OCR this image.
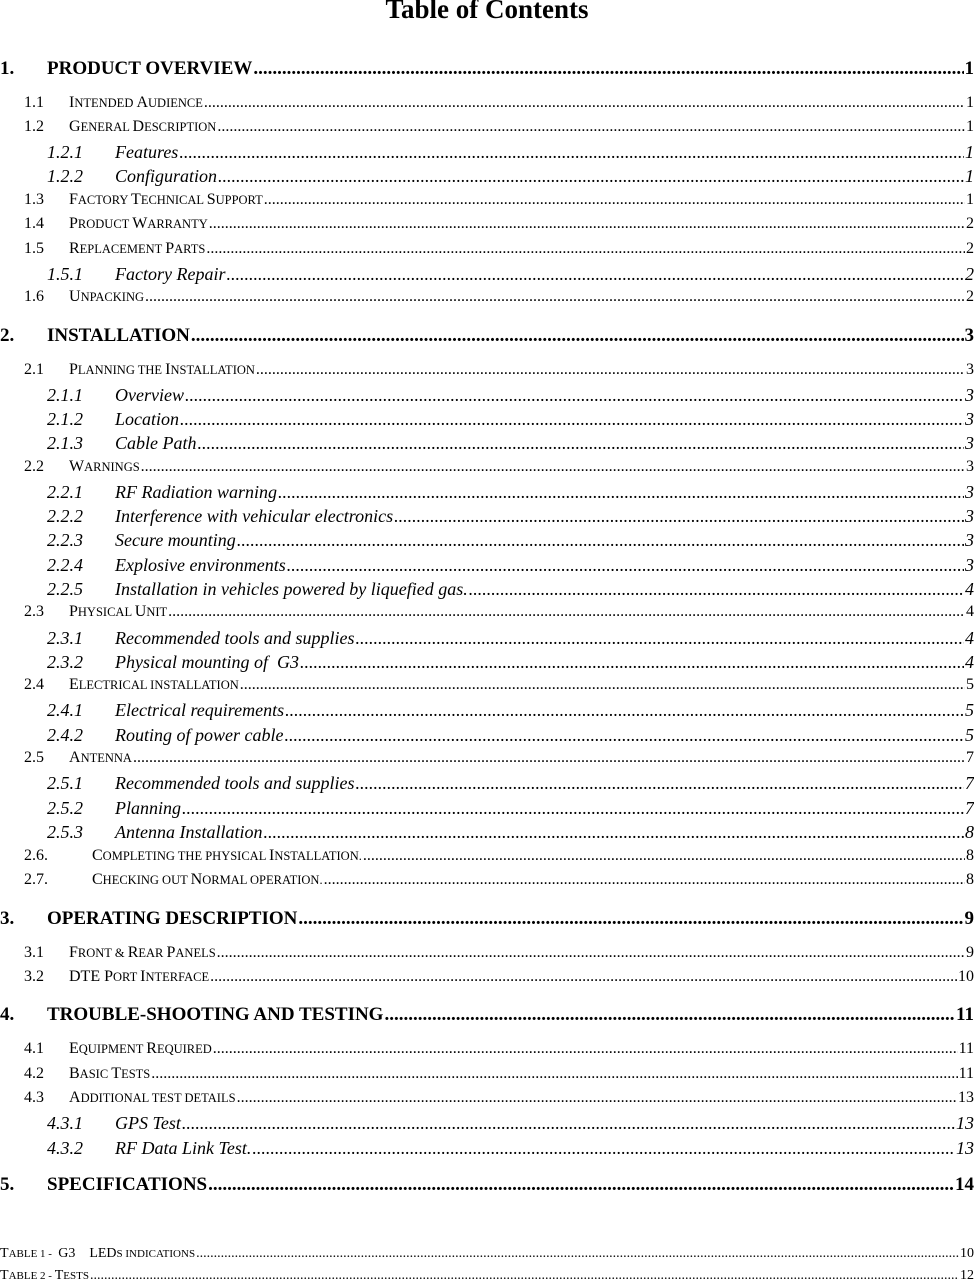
Table of Contents
1.	PRODUCT OVERVIEW .....	1
1.1	INTENDED AUDIENCE .....	1
1.2	GENERAL DESCRIPTION .....	1
1.2.1	Features .....	1
1.2.2	Configuration .....	1
1.3	FACTORY TECHNICAL SUPPORT .....	1
1.4	PRODUCT WARRANTY .....	2
1.5	REPLACEMENT PARTS .....	2
1.5.1	Factory Repair .....	2
1.6	UNPACKING .....	2
2.	INSTALLATION .....	3
2.1	PLANNING THE INSTALLATION .....	3
2.1.1	Overview .....	3
2.1.2	Location .....	3
2.1.3	Cable Path .....	3
2.2	WARNINGS .....	3
2.2.1	RF Radiation warning .....	3
2.2.2	Interference with vehicular electronics .....	3
2.2.3	Secure mounting .....	3
2.2.4	Explosive environments .....	3
2.2.5	Installation in vehicles powered by liquefied gas. .....	4
2.3	PHYSICAL UNIT .....	4
2.3.1	Recommended tools and supplies .....	4
2.3.2	Physical mounting of  G3 .....	4
2.4	ELECTRICAL INSTALLATION .....	5
2.4.1	Electrical requirements .....	5
2.4.2	Routing of power cable .....	5
2.5	ANTENNA .....	7
2.5.1	Recommended tools and supplies .....	7
2.5.2	Planning .....	7
2.5.3	Antenna Installation .....	8
2.6.	COMPLETING THE PHYSICAL INSTALLATION. .....	8
2.7.	CHECKING OUT NORMAL OPERATION. .....	8
3.	OPERATING DESCRIPTION .....	9
3.1	FRONT & REAR PANELS .....	9
3.2	DTE PORT INTERFACE .....	10
4.	TROUBLE-SHOOTING AND TESTING .....	11
4.1	EQUIPMENT REQUIRED .....	11
4.2	BASIC TESTS .....	11
4.3	ADDITIONAL TEST DETAILS .....	13
4.3.1	GPS Test .....	13
4.3.2	RF Data Link Test. .....	13
5.	SPECIFICATIONS .....	14
TABLE 1 -  G3    LEDS INDICATIONS .....	10
TABLE 2 - TESTS .....	12
